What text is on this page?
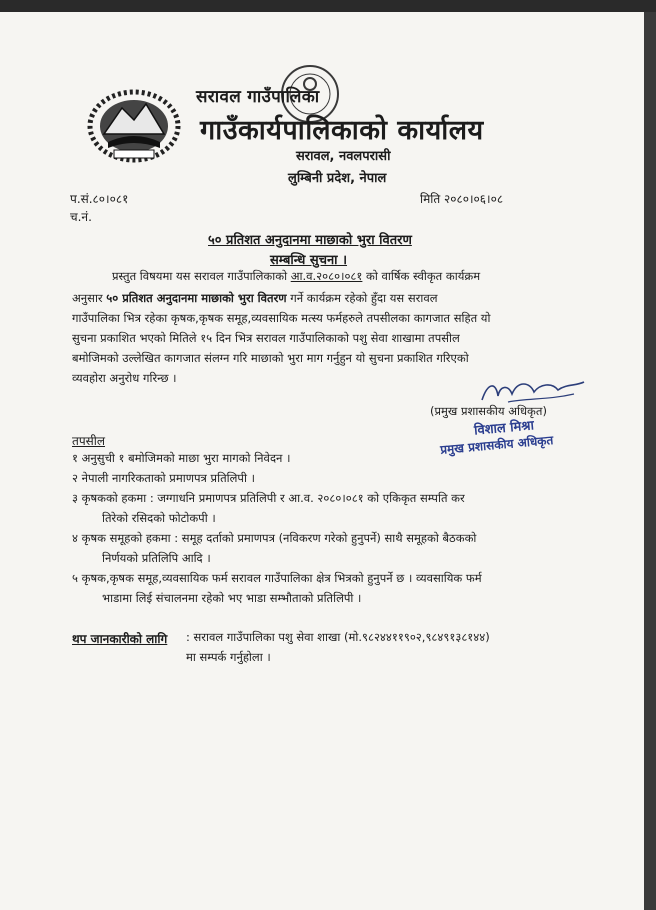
सरावल गाउँपालिका
गाउँकार्यपालिकाको कार्यालय
सरावल, नवलपरासी
लुम्बिनी प्रदेश, नेपाल
प.सं.८०।०८१	मिति २०८०।०६।०८
च.नं.
५० प्रतिशत अनुदानमा माछाको भुरा वितरण
सम्बन्धि सुचना ।
प्रस्तुत विषयमा यस सरावल गाउँपालिकाको आ.व.२०८०।०८१ को वार्षिक स्वीकृत कार्यक्रम
अनुसार ५० प्रतिशत अनुदानमा माछाको भुरा वितरण गर्ने कार्यक्रम रहेको हुँदा यस सरावल
गाउँपालिका भित्र रहेका कृषक,कृषक समूह,व्यवसायिक मत्स्य फर्महरुले तपसीलका कागजात सहित यो
सुचना प्रकाशित भएको मितिले १५ दिन भित्र सरावल गाउँपालिकाको पशु सेवा शाखामा तपसील
बमोजिमको उल्लेखित कागजात संलग्न गरि माछाको भुरा माग गर्नुहुन यो सुचना प्रकाशित गरिएको
व्यवहोरा अनुरोध गरिन्छ ।
(प्रमुख प्रशासकीय अधिकृत)
विशाल मिश्रा
प्रमुख प्रशासकीय अधिकृत
तपसील
१ अनुसुची १ बमोजिमको माछा भुरा मागको निवेदन ।
२ नेपाली नागरिकताको प्रमाणपत्र प्रतिलिपी ।
३ कृषकको हकमा : जग्गाधनि प्रमाणपत्र प्रतिलिपी र आ.व. २०८०।०८१ को एकिकृत सम्पति कर
तिरेको रसिदको फोटोकपी ।
४ कृषक समूहको हकमा : समूह दर्ताको प्रमाणपत्र (नविकरण गरेको हुनुपर्ने) साथै समूहको बैठकको
निर्णयको प्रतिलिपि आदि ।
५ कृषक,कृषक समूह,व्यवसायिक फर्म सरावल गाउँपालिका क्षेत्र भित्रको हुनुपर्ने छ । व्यवसायिक फर्म
भाडामा लिई संचालनमा रहेको भए भाडा सम्भौताको प्रतिलिपी ।
थप जानकारीको लागि : सरावल गाउँपालिका पशु सेवा शाखा (मो.९८२४४११९०२,९८४९१३८१४४)
मा सम्पर्क गर्नुहोला ।
